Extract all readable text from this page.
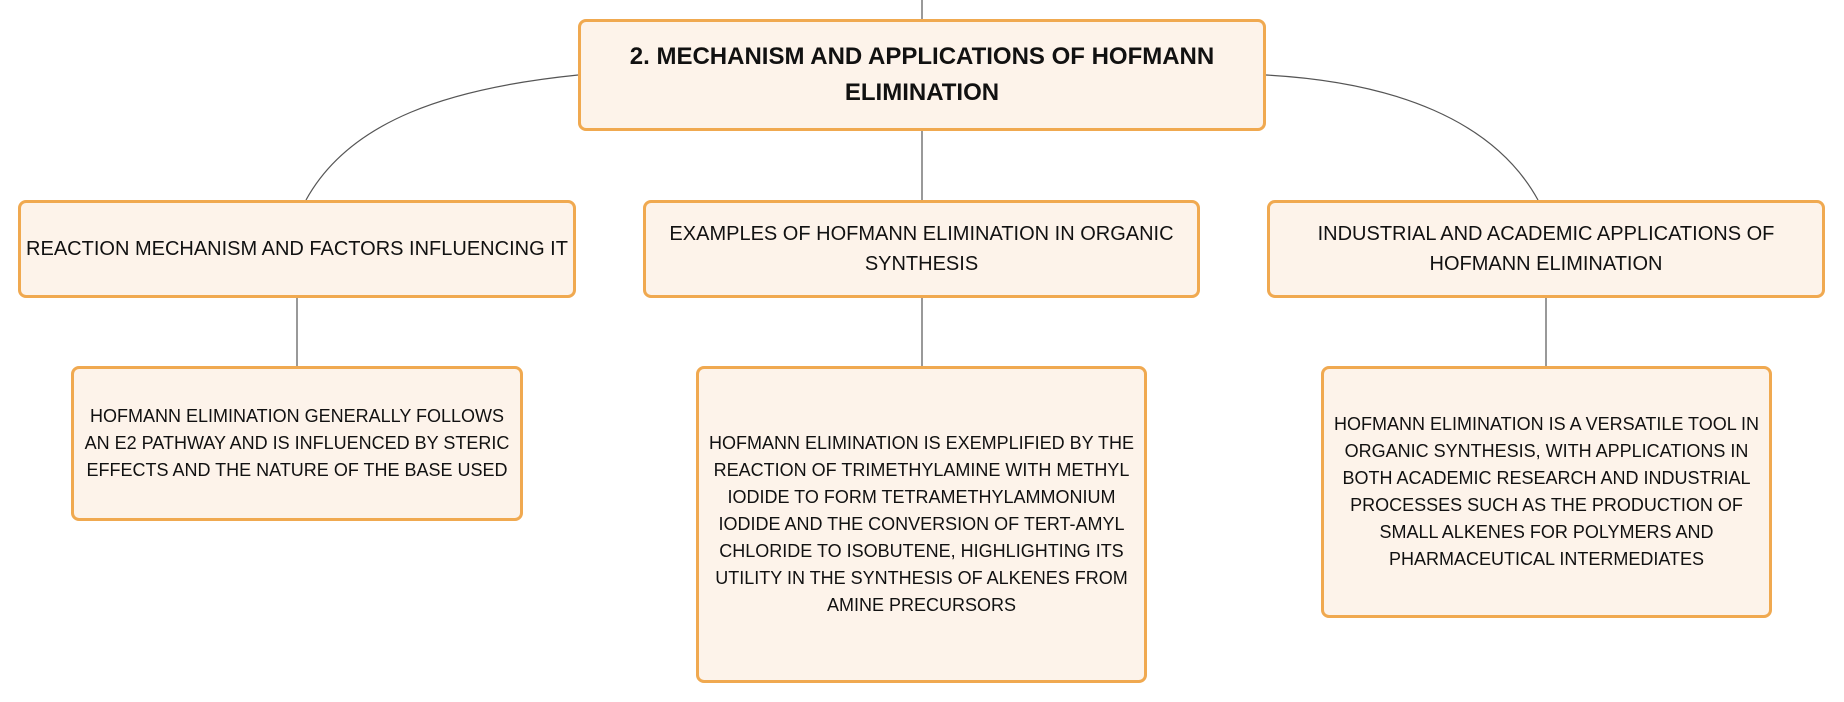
2. MECHANISM AND APPLICATIONS OF HOFMANN ELIMINATION
REACTION MECHANISM AND FACTORS INFLUENCING IT
EXAMPLES OF HOFMANN ELIMINATION IN ORGANIC SYNTHESIS
INDUSTRIAL AND ACADEMIC APPLICATIONS OF HOFMANN ELIMINATION
HOFMANN ELIMINATION GENERALLY FOLLOWS AN E2 PATHWAY AND IS INFLUENCED BY STERIC EFFECTS AND THE NATURE OF THE BASE USED
HOFMANN ELIMINATION IS EXEMPLIFIED BY THE REACTION OF TRIMETHYLAMINE WITH METHYL IODIDE TO FORM TETRAMETHYLAMMONIUM IODIDE AND THE CONVERSION OF TERT-AMYL CHLORIDE TO ISOBUTENE, HIGHLIGHTING ITS UTILITY IN THE SYNTHESIS OF ALKENES FROM AMINE PRECURSORS
HOFMANN ELIMINATION IS A VERSATILE TOOL IN ORGANIC SYNTHESIS, WITH APPLICATIONS IN BOTH ACADEMIC RESEARCH AND INDUSTRIAL PROCESSES SUCH AS THE PRODUCTION OF SMALL ALKENES FOR POLYMERS AND PHARMACEUTICAL INTERMEDIATES
